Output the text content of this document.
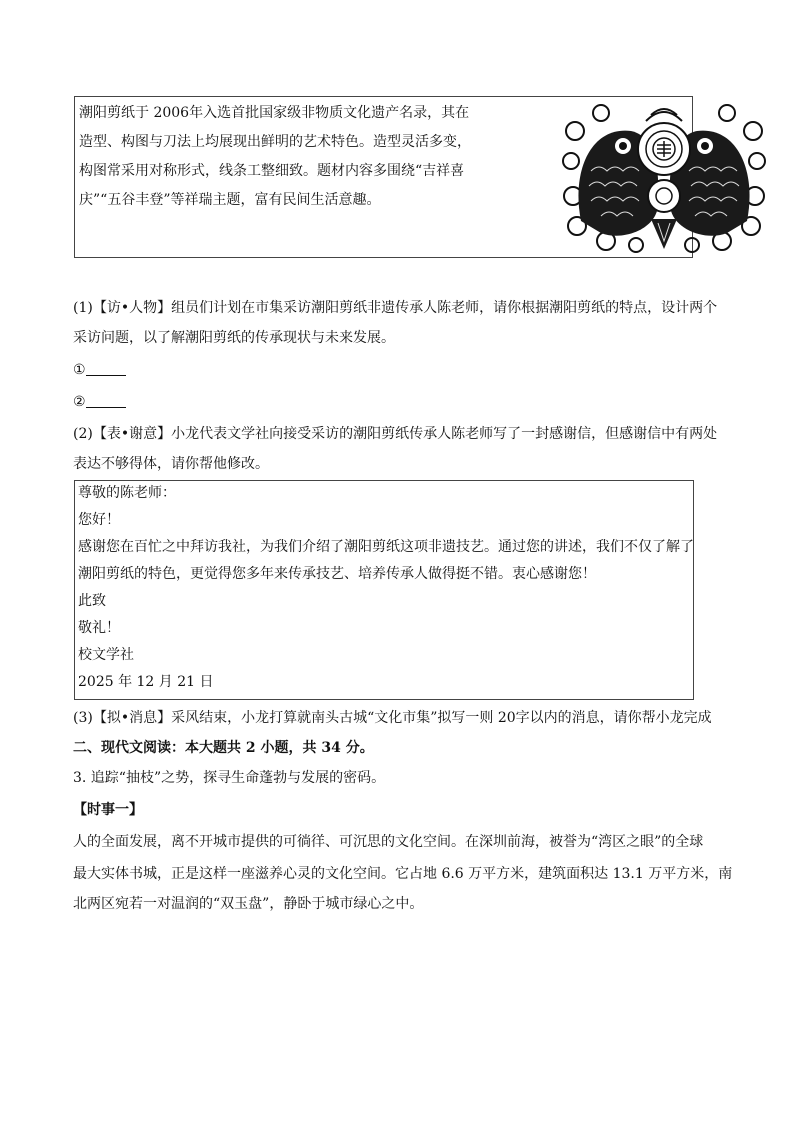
潮阳剪纸于 2006年入选首批国家级非物质文化遗产名录，其在
造型、构图与刀法上均展现出鲜明的艺术特色。造型灵活多变，
构图常采用对称形式，线条工整细致。题材内容多围绕“吉祥喜
庆”“五谷丰登”等祥瑞主题，富有民间生活意趣。
(1)【访•人物】组员们计划在市集采访潮阳剪纸非遗传承人陈老师，请你根据潮阳剪纸的特点，设计两个
采访问题，以了解潮阳剪纸的传承现状与未来发展。
①
②
(2)【表•谢意】小龙代表文学社向接受采访的潮阳剪纸传承人陈老师写了一封感谢信，但感谢信中有两处
表达不够得体，请你帮他修改。
尊敬的陈老师：
您好！
感谢您在百忙之中拜访我社，为我们介绍了潮阳剪纸这项非遗技艺。通过您的讲述，我们不仅了解了
潮阳剪纸的特色，更觉得您多年来传承技艺、培养传承人做得挺不错。衷心感谢您！
此致
敬礼！
校文学社
2025 年 12 月 21 日
(3)【拟•消息】采风结束，小龙打算就南头古城“文化市集”拟写一则 20字以内的消息，请你帮小龙完成
二、现代文阅读：本大题共 2 小题，共 34 分。
3. 追踪“抽枝”之势，探寻生命蓬勃与发展的密码。
【时事一】
人的全面发展，离不开城市提供的可徜徉、可沉思的文化空间。在深圳前海，被誉为“湾区之眼”的全球
最大实体书城，正是这样一座滋养心灵的文化空间。它占地 6.6 万平方米，建筑面积达 13.1 万平方米，南
北两区宛若一对温润的“双玉盘”，静卧于城市绿心之中。
